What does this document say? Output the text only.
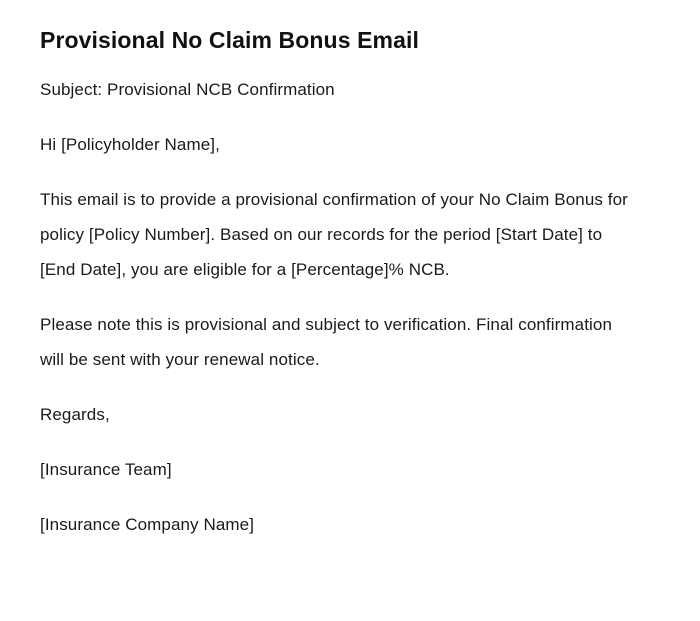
Provisional No Claim Bonus Email

Subject: Provisional NCB Confirmation

Hi [Policyholder Name],

This email is to provide a provisional confirmation of your No Claim Bonus for policy [Policy Number]. Based on our records for the period [Start Date] to [End Date], you are eligible for a [Percentage]% NCB.

Please note this is provisional and subject to verification. Final confirmation will be sent with your renewal notice.

Regards,

[Insurance Team]

[Insurance Company Name]
